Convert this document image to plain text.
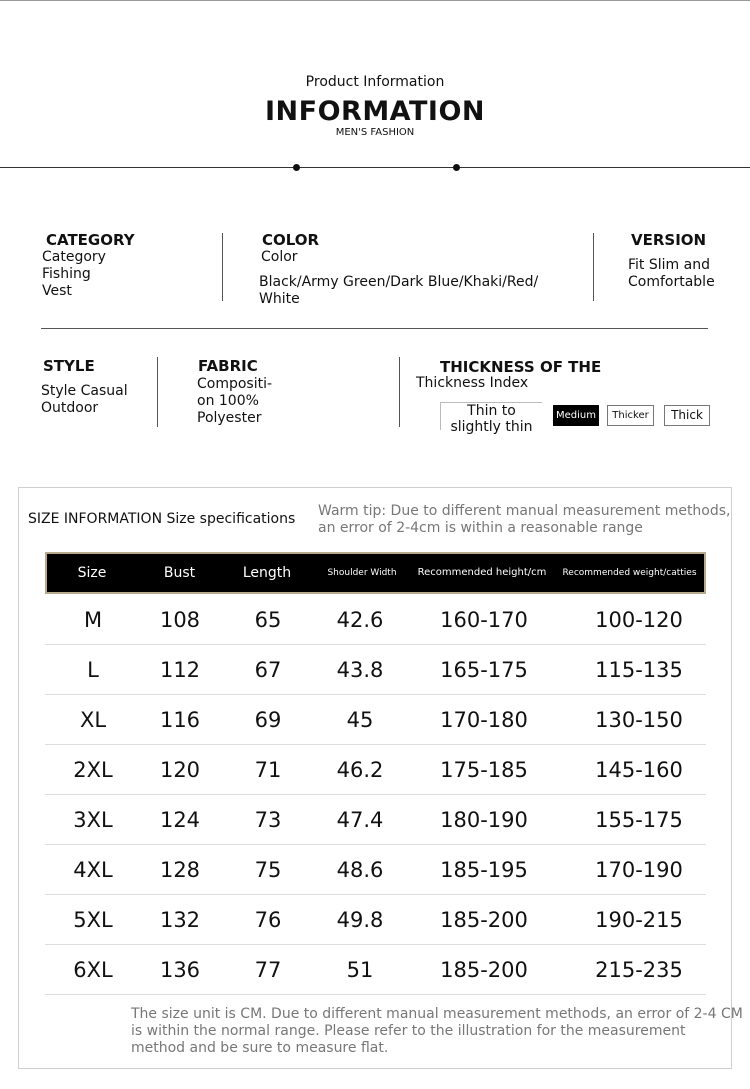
Product Information
INFORMATION
MEN'S FASHION
CATEGORY
Category
Fishing
Vest
COLOR
Color
Black/Army Green/Dark Blue/Khaki/Red/
White
VERSION
Fit Slim and
Comfortable
STYLE
Style Casual
Outdoor
FABRIC
Compositi-
on 100%
Polyester
THICKNESS OF THE
Thickness Index
Thin to
slightly thin
Medium	Thicker	Thick
SIZE INFORMATION Size specifications Warm tip: Due to different manual measurement methods, an error of 2-4cm is within a reasonable range
Size	Bust	Length	Shoulder Width	Recommended height/cm	Recommended weight/catties
M	108	65	42.6	160-170	100-120
L	112	67	43.8	165-175	115-135
XL	116	69	45	170-180	130-150
2XL	120	71	46.2	175-185	145-160
3XL	124	73	47.4	180-190	155-175
4XL	128	75	48.6	185-195	170-190
5XL	132	76	49.8	185-200	190-215
6XL	136	77	51	185-200	215-235
The size unit is CM. Due to different manual measurement methods, an error of 2-4 CM is within the normal range. Please refer to the illustration for the measurement method and be sure to measure flat.
